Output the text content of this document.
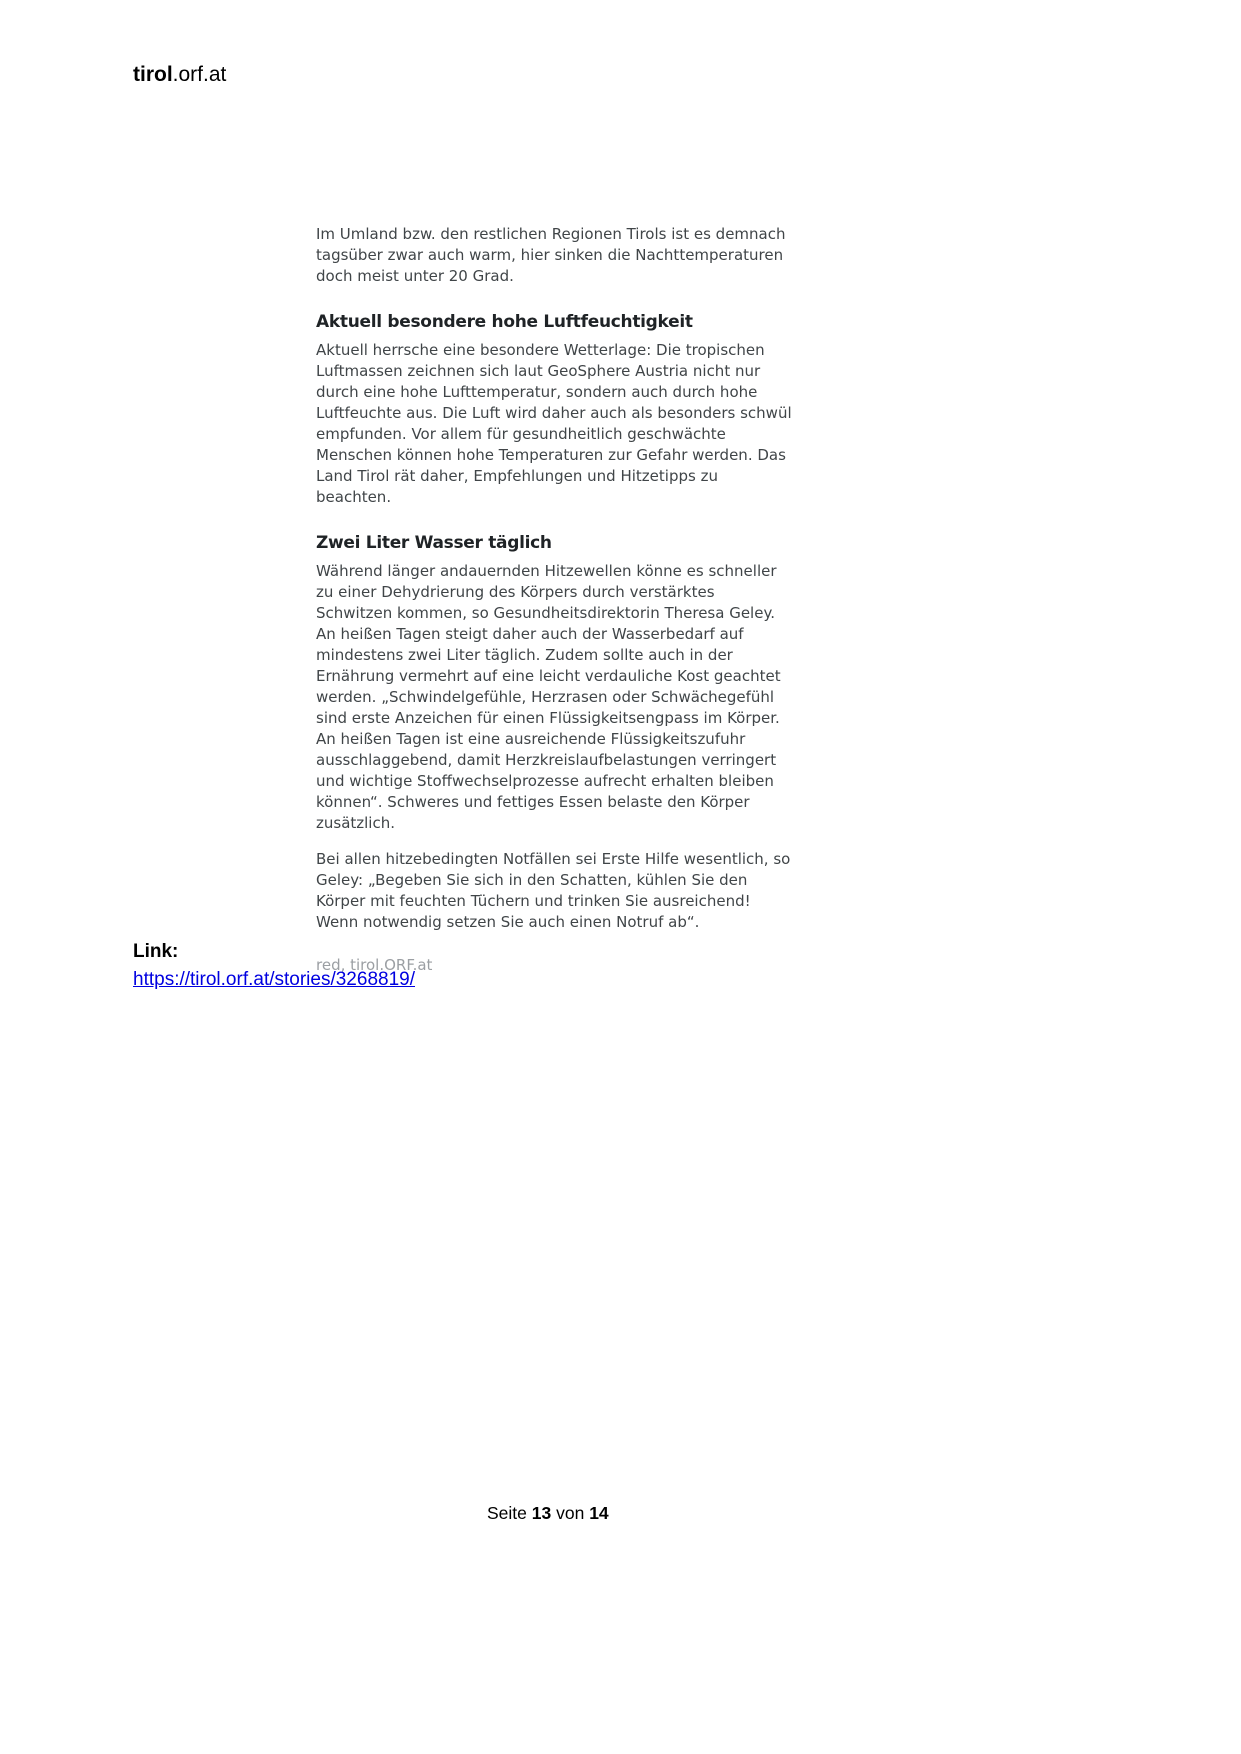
tirol.orf.at

Im Umland bzw. den restlichen Regionen Tirols ist es demnach tagsüber zwar auch warm, hier sinken die Nachttemperaturen doch meist unter 20 Grad.

Aktuell besondere hohe Luftfeuchtigkeit

Aktuell herrsche eine besondere Wetterlage: Die tropischen Luftmassen zeichnen sich laut GeoSphere Austria nicht nur durch eine hohe Lufttemperatur, sondern auch durch hohe Luftfeuchte aus. Die Luft wird daher auch als besonders schwül empfunden. Vor allem für gesundheitlich geschwächte Menschen können hohe Temperaturen zur Gefahr werden. Das Land Tirol rät daher, Empfehlungen und Hitzetipps zu beachten.

Zwei Liter Wasser täglich

Während länger andauernden Hitzewellen könne es schneller zu einer Dehydrierung des Körpers durch verstärktes Schwitzen kommen, so Gesundheitsdirektorin Theresa Geley. An heißen Tagen steigt daher auch der Wasserbedarf auf mindestens zwei Liter täglich. Zudem sollte auch in der Ernährung vermehrt auf eine leicht verdauliche Kost geachtet werden. „Schwindelgefühle, Herzrasen oder Schwächegefühl sind erste Anzeichen für einen Flüssigkeitsengpass im Körper. An heißen Tagen ist eine ausreichende Flüssigkeitszufuhr ausschlaggebend, damit Herzkreislaufbelastungen verringert und wichtige Stoffwechselprozesse aufrecht erhalten bleiben können“. Schweres und fettiges Essen belaste den Körper zusätzlich.

Bei allen hitzebedingten Notfällen sei Erste Hilfe wesentlich, so Geley: „Begeben Sie sich in den Schatten, kühlen Sie den Körper mit feuchten Tüchern und trinken Sie ausreichend! Wenn notwendig setzen Sie auch einen Notruf ab“.

red, tirol.ORF.at

Link:
https://tirol.orf.at/stories/3268819/
Seite 13 von 14
